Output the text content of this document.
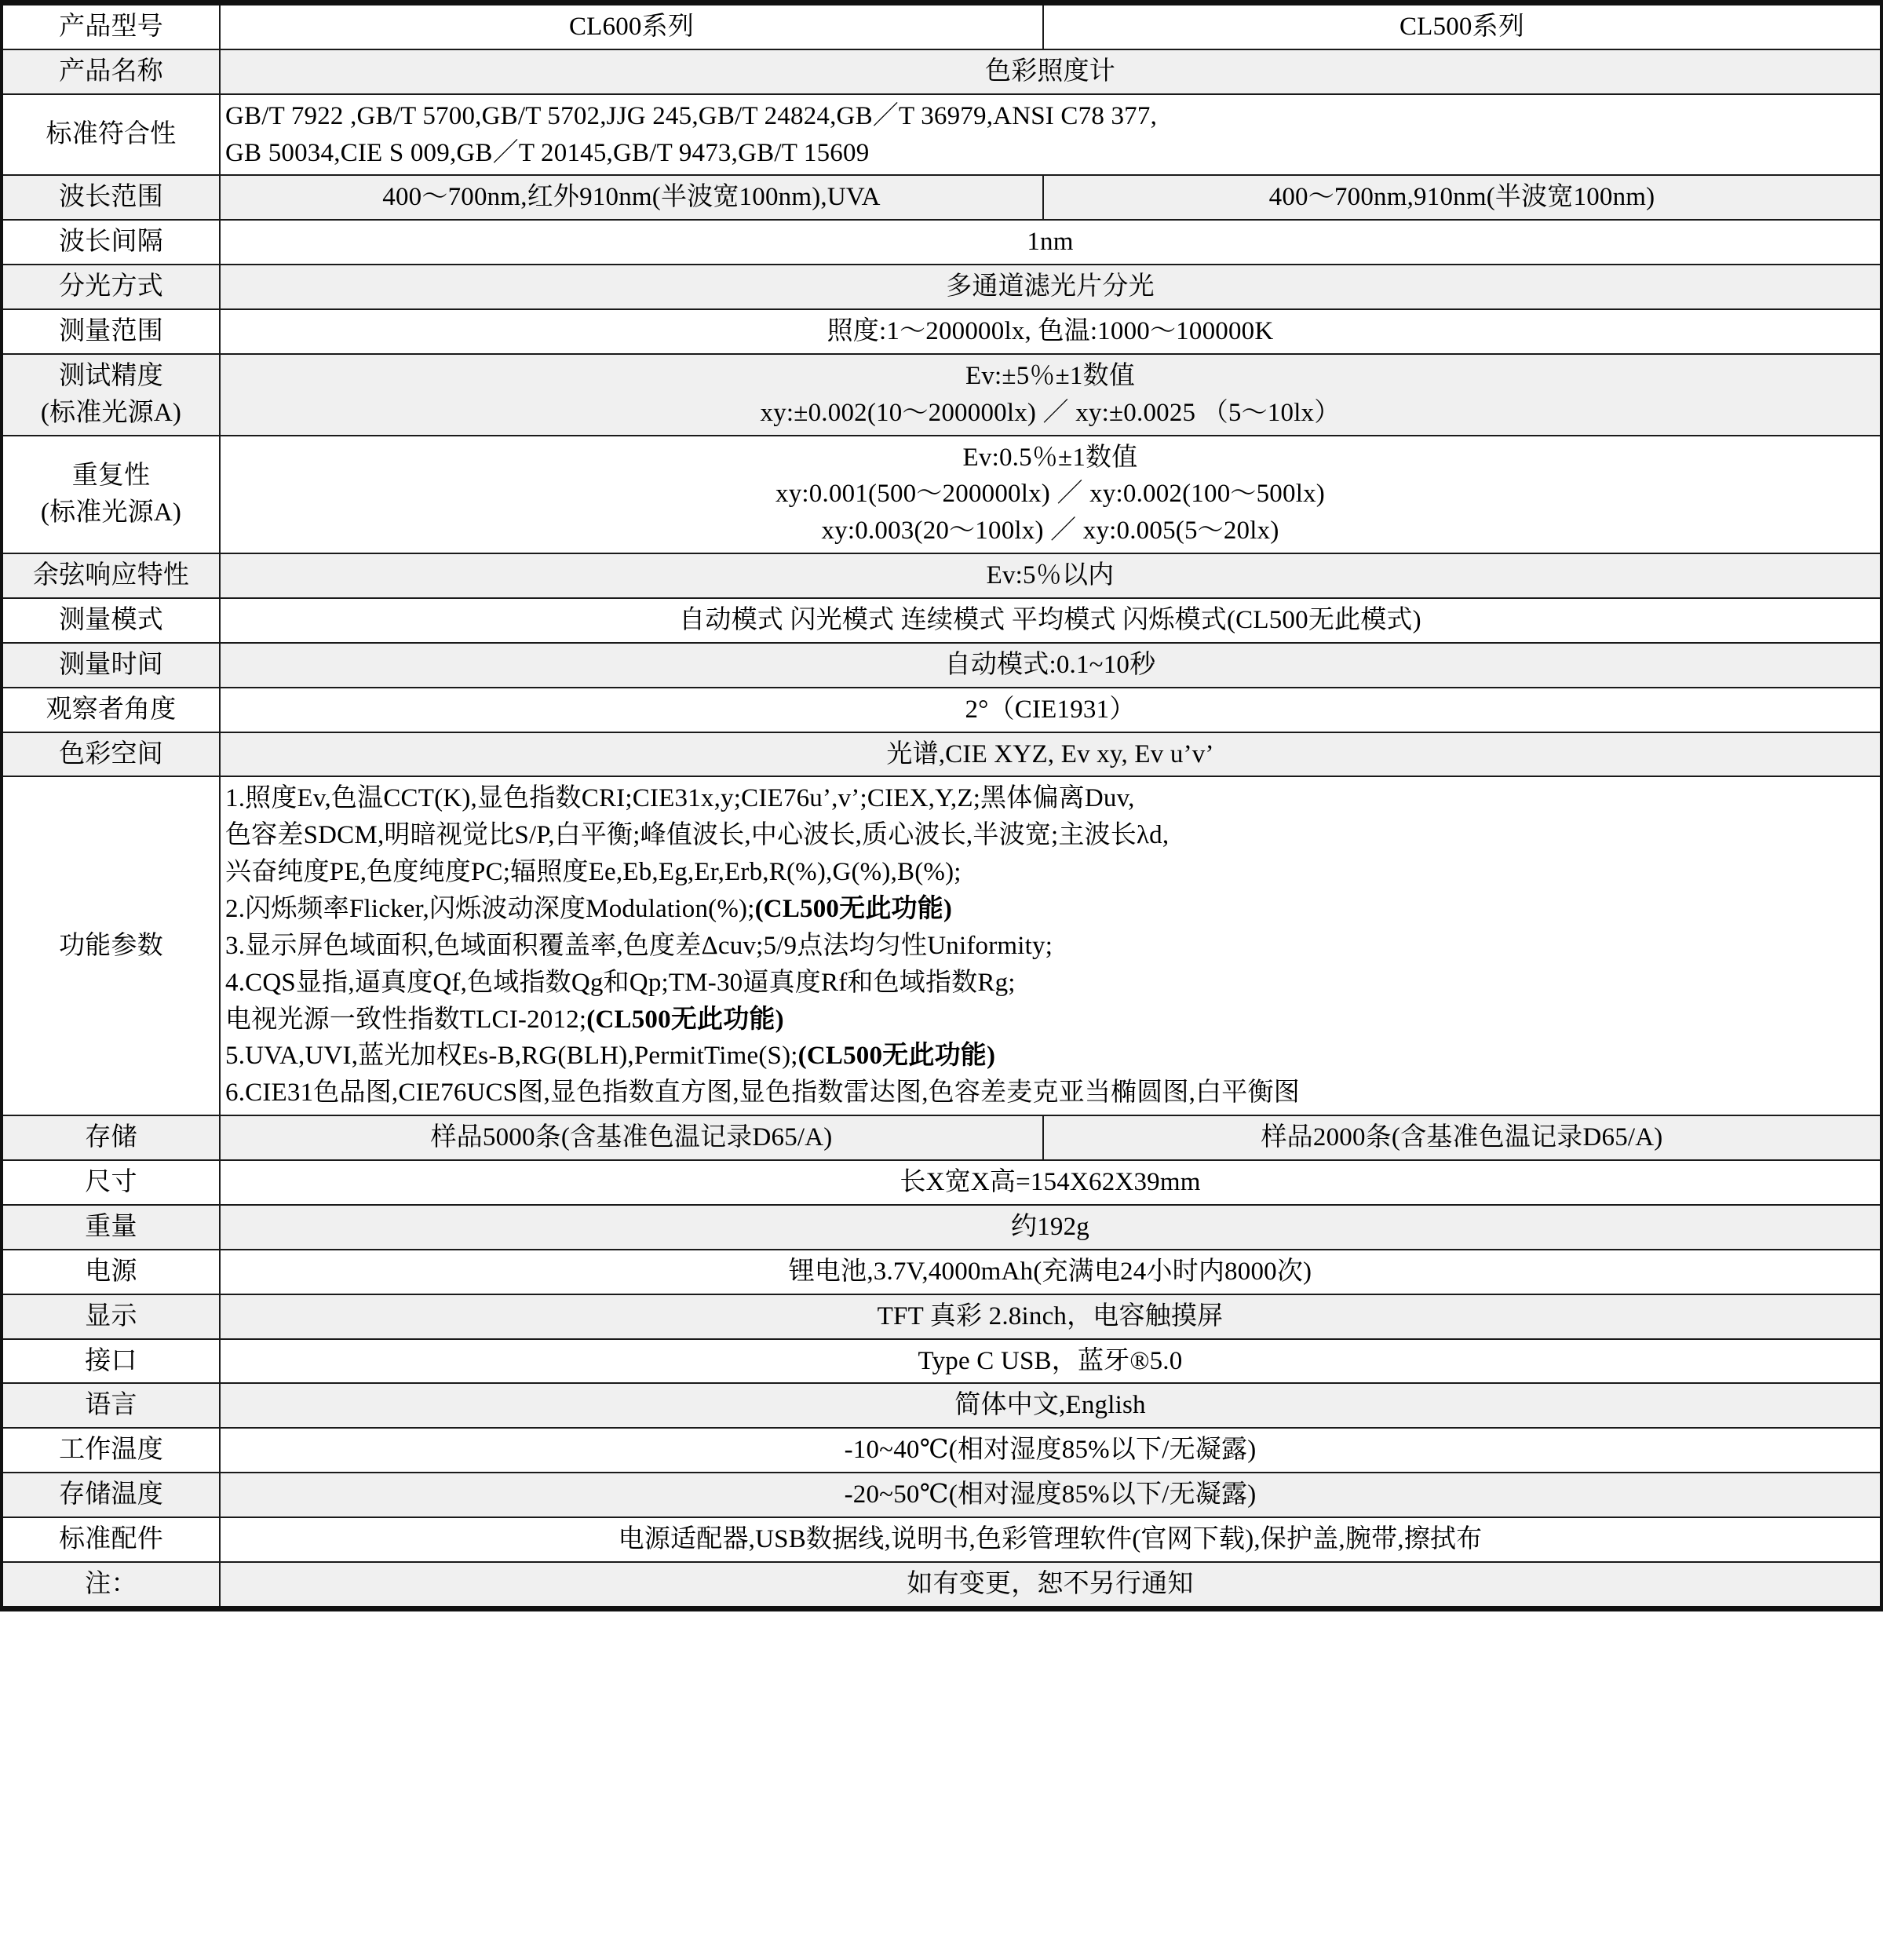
产品型号	CL600系列	CL500系列
产品名称	色彩照度计	
标准符合性	GB/T 7922 ,GB/T 5700,GB/T 5702,JJG 245,GB/T 24824,GB／T 36979,ANSI C78 377,
GB 50034,CIE S 009,GB／T 20145,GB/T 9473,GB/T 15609	

波长范围	400～700nm,红外910nm(半波宽100nm),UVA	400～700nm,910nm(半波宽100nm)
波长间隔	1nm	
分光方式	多通道滤光片分光	
测量范围	照度:1～200000lx, 色温:1000～100000K	
测试精度(标准光源A)	Ev:±5％±1数值
xy:±0.002(10～200000lx) ／ xy:±0.0025 （5～10lx）	

重复性(标准光源A)	Ev:0.5％±1数值
xy:0.001(500～200000lx) ／ xy:0.002(100～500lx)
xy:0.003(20～100lx) ／ xy:0.005(5～20lx)	

余弦响应特性	Ev:5％以内	
测量模式	自动模式 闪光模式 连续模式 平均模式 闪烁模式(CL500无此模式)	
测量时间	自动模式:0.1~10秒	
观察者角度	2°（CIE1931）	
色彩空间	光谱,CIE XYZ, Ev xy, Ev u’v’	
功能参数	
1.照度Ev,色温CCT(K),显色指数CRI;CIE31x,y;CIE76u’,v’;CIEX,Y,Z;黑体偏离Duv,
色容差SDCM,明暗视觉比S/P,白平衡;峰值波长,中心波长,质心波长,半波宽;主波长λd,
兴奋纯度PE,色度纯度PC;辐照度Ee,Eb,Eg,Er,Erb,R(%),G(%),B(%);
2.闪烁频率Flicker,闪烁波动深度Modulation(%);(CL500无此功能)
3.显示屏色域面积,色域面积覆盖率,色度差Δcuv;5/9点法均匀性Uniformity;
4.CQS显指,逼真度Qf,色域指数Qg和Qp;TM-30逼真度Rf和色域指数Rg;
电视光源一致性指数TLCI-2012;(CL500无此功能)
5.UVA,UVI,蓝光加权Es-B,RG(BLH),PermitTime(S);(CL500无此功能)
6.CIE31色品图,CIE76UCS图,显色指数直方图,显色指数雷达图,色容差麦克亚当椭圆图,白平衡图

存储	样品5000条(含基准色温记录D65/A)	样品2000条(含基准色温记录D65/A)
尺寸	长X宽X高=154X62X39mm	
重量	约192g	
电源	锂电池,3.7V,4000mAh(充满电24小时内8000次)	
显示	TFT 真彩 2.8inch，电容触摸屏	
接口	Type C USB，蓝牙®5.0	
语言	简体中文,English	
工作温度	-10~40℃(相对湿度85%以下/无凝露)	
存储温度	-20~50℃(相对湿度85%以下/无凝露)	
标准配件	电源适配器,USB数据线,说明书,色彩管理软件(官网下载),保护盖,腕带,擦拭布	
注：	如有变更，恕不另行通知	
